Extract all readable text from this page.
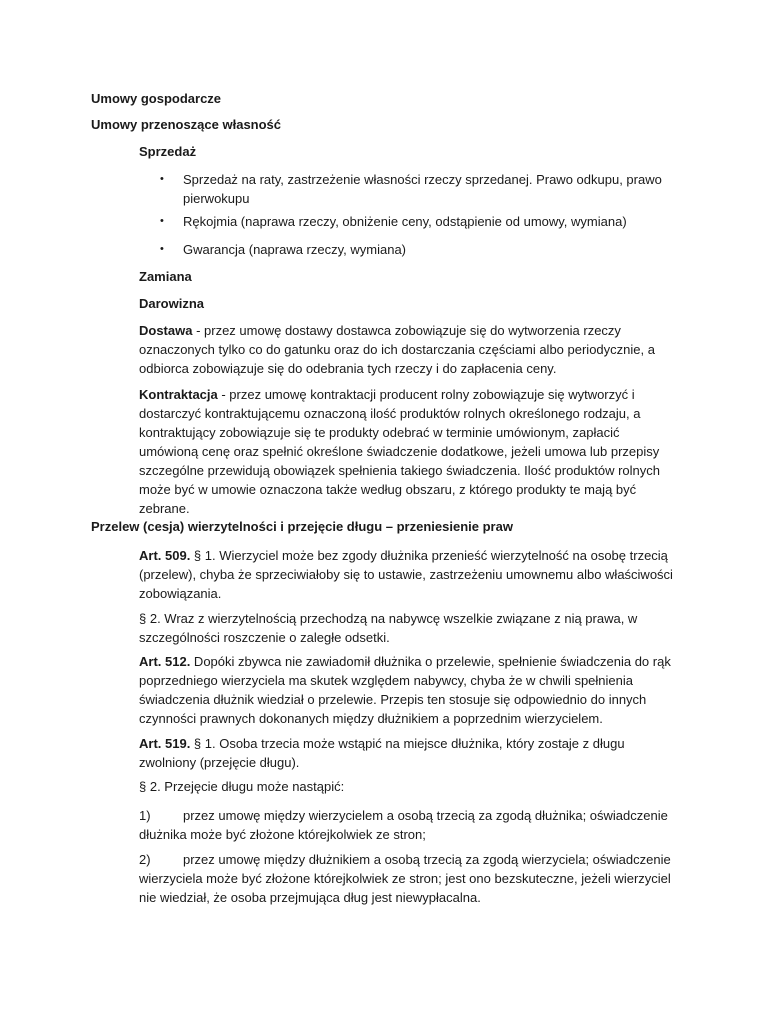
Umowy gospodarcze
Umowy przenoszące własność
Sprzedaż
• Sprzedaż na raty, zastrzeżenie własności rzeczy sprzedanej. Prawo odkupu, prawo
pierwokupu
• Rękojmia (naprawa rzeczy, obniżenie ceny, odstąpienie od umowy, wymiana)
• Gwarancja (naprawa rzeczy, wymiana)
Zamiana
Darowizna

Dostawa - przez umowę dostawy dostawca zobowiązuje się do wytworzenia rzeczy

oznaczonych tylko co do gatunku oraz do ich dostarczania częściami albo periodycznie, a

odbiorca zobowiązuje się do odebrania tych rzeczy i do zapłacenia ceny.

Kontraktacja - przez umowę kontraktacji producent rolny zobowiązuje się wytworzyć i

dostarczyć kontraktującemu oznaczoną ilość produktów rolnych określonego rodzaju, a

kontraktujący zobowiązuje się te produkty odebrać w terminie umówionym, zapłacić

umówioną cenę oraz spełnić określone świadczenie dodatkowe, jeżeli umowa lub przepisy

szczególne przewidują obowiązek spełnienia takiego świadczenia. Ilość produktów rolnych

może być w umowie oznaczona także według obszaru, z którego produkty te mają być

zebrane.

Przelew (cesja) wierzytelności i przejęcie długu – przeniesienie praw

Art. 509. § 1. Wierzyciel może bez zgody dłużnika przenieść wierzytelność na osobę trzecią

(przelew), chyba że sprzeciwiałoby się to ustawie, zastrzeżeniu umownemu albo właściwości

zobowiązania.

§ 2. Wraz z wierzytelnością przechodzą na nabywcę wszelkie związane z nią prawa, w

szczególności roszczenie o zaległe odsetki.

Art. 512. Dopóki zbywca nie zawiadomił dłużnika o przelewie, spełnienie świadczenia do rąk

poprzedniego wierzyciela ma skutek względem nabywcy, chyba że w chwili spełnienia

świadczenia dłużnik wiedział o przelewie. Przepis ten stosuje się odpowiednio do innych

czynności prawnych dokonanych między dłużnikiem a poprzednim wierzycielem.

Art. 519. § 1. Osoba trzecia może wstąpić na miejsce dłużnika, który zostaje z długu

zwolniony (przejęcie długu).

§ 2. Przejęcie długu może nastąpić:

1) przez umowę między wierzycielem a osobą trzecią za zgodą dłużnika; oświadczenie

dłużnika może być złożone którejkolwiek ze stron;

2) przez umowę między dłużnikiem a osobą trzecią za zgodą wierzyciela; oświadczenie

wierzyciela może być złożone którejkolwiek ze stron; jest ono bezskuteczne, jeżeli wierzyciel

nie wiedział, że osoba przejmująca dług jest niewypłacalna.
